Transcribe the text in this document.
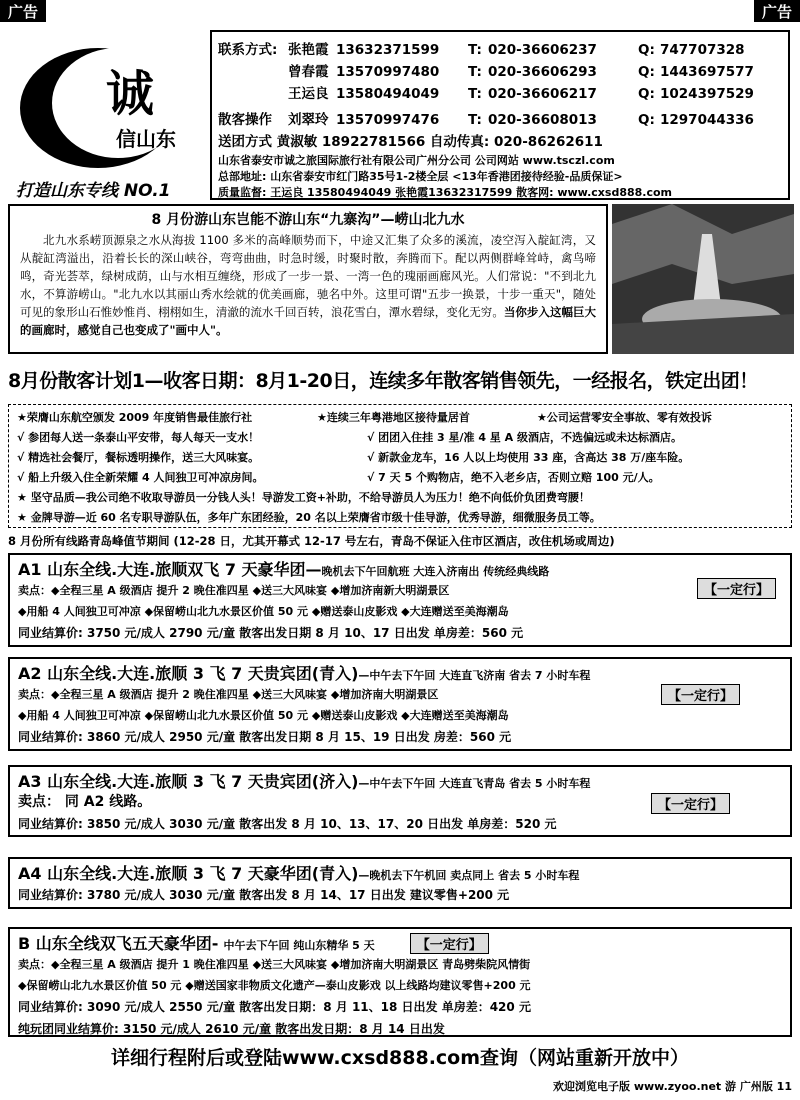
广告	广告
诚
信山东
打造山东专线 NO.1
联系方式: 张艳霞 13632371599 T: 020-36606237	Q: 747707328
曾春霞 13570997480 T: 020-36606293	Q: 1443697577
王运良 13580494049 T: 020-36606217	Q: 1024397529
散客操作 刘翠玲 13570997476 T: 020-36608013	Q: 1297044336
送团方式 黄淑敏 18922781566 自动传真: 020-86262611
山东省泰安市诚之旅国际旅行社有限公司广州分公司 公司网站 www.tsczl.com
总部地址: 山东省泰安市红门路35号1-2楼全层 <13年香港团接待经验-品质保证>
质量监督: 王运良 13580494049 张艳霞13632317599 散客网: www.cxsd888.com
8 月份游山东岂能不游山东“九寨沟”—崂山北九水

北九水系崂顶源泉之水从海拔 1100 多米的高峰顺势而下，中途又汇集了众多的溪流，凌空泻入靛缸湾，又从靛缸湾溢出，沿着长长的深山峡谷，弯弯曲曲，时急时缓，时聚时散，奔腾而下。配以两侧群峰耸峙，禽鸟啼鸣，奇光荟萃，绿树成荫，山与水相互缠绕，形成了一步一景、一湾一色的瑰丽画廊风光。人们常说："不到北九水，不算游崂山。"北九水以其丽山秀水绘就的优美画廊，驰名中外。这里可谓"五步一换景，十步一重天"，随处可见的象形山石惟妙惟肖、栩栩如生，清澈的流水千回百转，浪花雪白，潭水碧绿，变化无穷。当你步入这幅巨大的画廊时，感觉自己也变成了"画中人"。

8月份散客计划1—收客日期：8月1-20日，连续多年散客销售领先，一经报名，铁定出团！
★荣膺山东航空颁发 2009 年度销售最佳旅行社	★连续三年粤港地区接待量居首	★公司运营零安全事故、零有效投诉
√ 参团每人送一条泰山平安带，每人每天一支水！	√ 团团入住挂 3 星/准 4 星 A 级酒店，不选偏远或未达标酒店。
√ 精选社会餐厅，餐标透明操作，送三大风味宴。	√ 新款金龙车，16 人以上均使用 33 座，含高达 38 万/座车险。
√ 船上升级入住全新荣耀 4 人间独卫可冲凉房间。	√ 7 天 5 个购物店，绝不入老乡店，否则立赔 100 元/人。
★ 坚守品质—我公司绝不收取导游员一分钱人头！导游发工资+补助，不给导游员人为压力！绝不向低价负团费弯腰！
★ 金牌导游—近 60 名专职导游队伍，多年广东团经验，20 名以上荣膺省市级十佳导游，优秀导游，细微服务员工等。
8 月份所有线路青岛峰值节期间 (12-28 日，尤其开幕式 12-17 号左右，青岛不保证入住市区酒店，改住机场或周边)
A1 山东全线.大连.旅顺双飞 7 天豪华团—晚机去下午回航班 大连入济南出 传统经典线路
卖点：◆全程三星 A 级酒店 提升 2 晚住准四星 ◆送三大风味宴 ◆增加济南新大明湖景区
◆用船 4 人间独卫可冲凉 ◆保留崂山北九水景区价值 50 元 ◆赠送泰山皮影戏 ◆大连赠送至美海潮岛
同业结算价: 3750 元/成人 2790 元/童 散客出发日期 8 月 10、17 日出发 单房差：560 元
【一定行】
A2 山东全线.大连.旅顺 3 飞 7 天贵宾团(青入)—中午去下午回 大连直飞济南 省去 7 小时车程
卖点：◆全程三星 A 级酒店 提升 2 晚住准四星 ◆送三大风味宴 ◆增加济南大明湖景区
◆用船 4 人间独卫可冲凉 ◆保留崂山北九水景区价值 50 元 ◆赠送泰山皮影戏 ◆大连赠送至美海潮岛
同业结算价: 3860 元/成人 2950 元/童 散客出发日期 8 月 15、19 日出发 房差：560 元
【一定行】
A3 山东全线.大连.旅顺 3 飞 7 天贵宾团(济入)—中午去下午回 大连直飞青岛 省去 5 小时车程
卖点： 同 A2 线路。
同业结算价: 3850 元/成人 3030 元/童 散客出发 8 月 10、13、17、20 日出发 单房差：520 元
【一定行】
A4 山东全线.大连.旅顺 3 飞 7 天豪华团(青入)—晚机去下午机回 卖点同上 省去 5 小时车程
同业结算价: 3780 元/成人 3030 元/童 散客出发 8 月 14、17 日出发 建议零售+200 元
B 山东全线双飞五天豪华团- 中午去下午回 纯山东精华 5 天	【一定行】
卖点：◆全程三星 A 级酒店 提升 1 晚住准四星 ◆送三大风味宴 ◆增加济南大明湖景区 青岛劈柴院风情街
◆保留崂山北九水景区价值 50 元 ◆赠送国家非物质文化遗产—泰山皮影戏 以上线路均建议零售+200 元
同业结算价: 3090 元/成人 2550 元/童 散客出发日期：8 月 11、18 日出发 单房差：420 元
纯玩团同业结算价: 3150 元/成人 2610 元/童 散客出发日期：8 月 14 日出发
详细行程附后或登陆www.cxsd888.com查询（网站重新开放中）
欢迎浏览电子版 www.zyoo.net 游 广州版 11
